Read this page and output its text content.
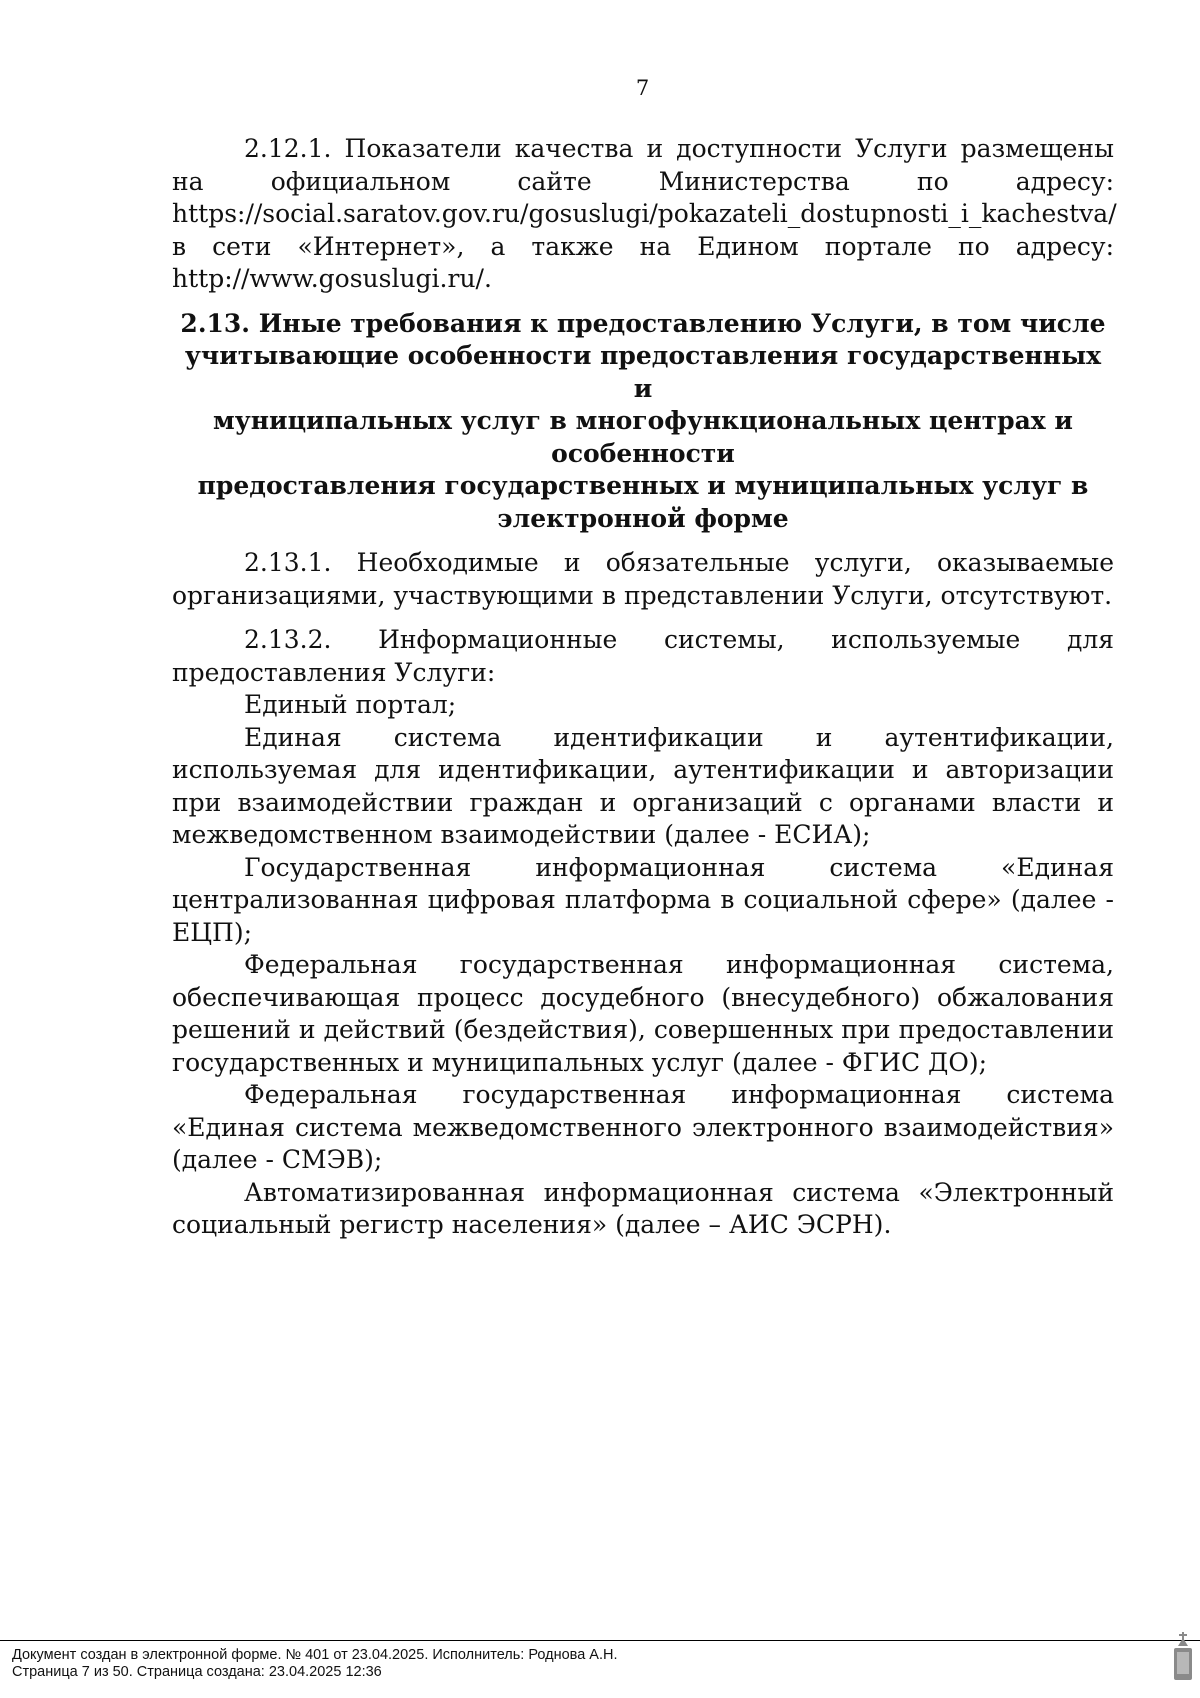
7

2.12.1. Показатели качества и доступности Услуги размещены на официальном сайте Министерства по адресу: https://social.saratov.gov.ru/gosuslugi/pokazateli_dostupnosti_i_kachestva/ в сети «Интернет», а также на Едином портале по адресу: http://www.gosuslugi.ru/.

2.13. Иные требования к предоставлению Услуги, в том числе
учитывающие особенности предоставления государственных и
муниципальных услуг в многофункциональных центрах и особенности
предоставления государственных и муниципальных услуг в
электронной форме

2.13.1. Необходимые и обязательные услуги, оказываемые организациями, участвующими в представлении Услуги, отсутствуют.

2.13.2. Информационные системы, используемые для предоставления Услуги:

Единый портал;

Единая система идентификации и аутентификации, используемая для идентификации, аутентификации и авторизации при взаимодействии граждан и организаций с органами власти и межведомственном взаимодействии (далее - ЕСИА);

Государственная информационная система «Единая централизованная цифровая платформа в социальной сфере» (далее - ЕЦП);

Федеральная государственная информационная система, обеспечивающая процесс досудебного (внесудебного) обжалования решений и действий (бездействия), совершенных при предоставлении государственных и муниципальных услуг (далее - ФГИС ДО);

Федеральная государственная информационная система «Единая система межведомственного электронного взаимодействия» (далее - СМЭВ);

Автоматизированная информационная система «Электронный социальный регистр населения» (далее – АИС ЭСРН).

Документ создан в электронной форме. № 401 от 23.04.2025. Исполнитель: Роднова А.Н.
Страница 7 из 50. Страница создана: 23.04.2025 12:36
